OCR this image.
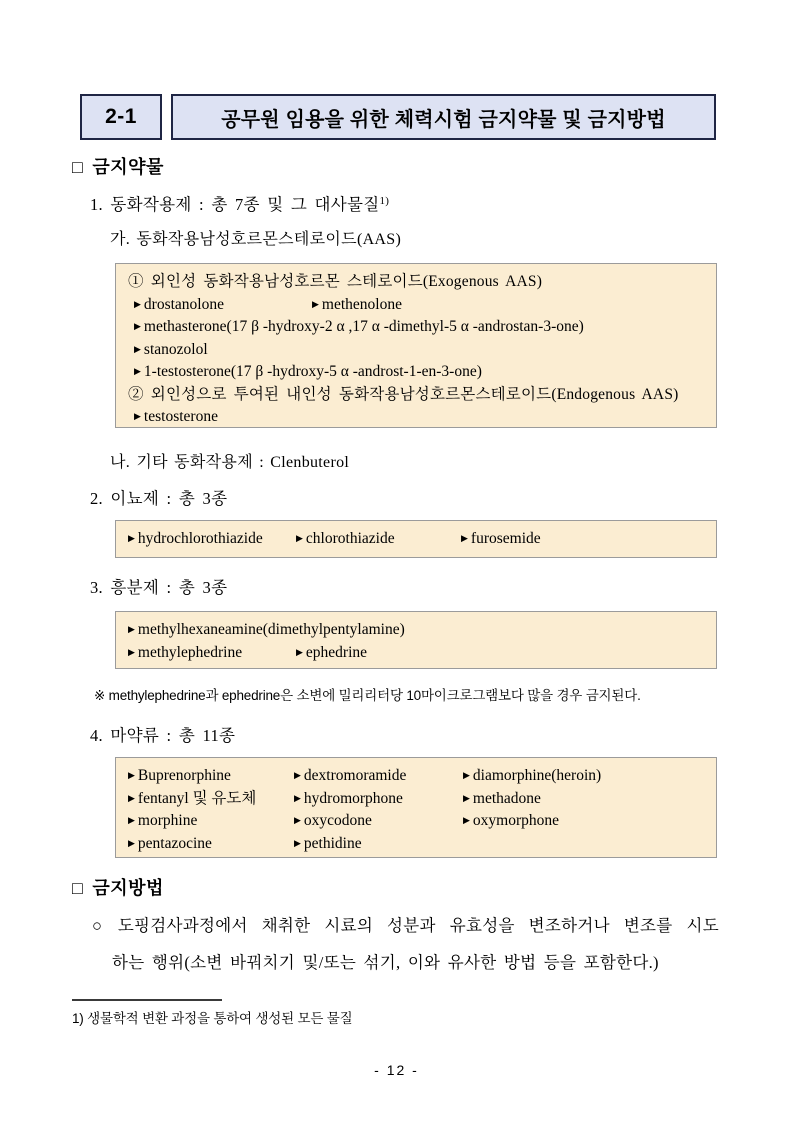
2-1	공무원 임용을 위한 체력시험 금지약물 및 금지방법
□ 금지약물
1. 동화작용제 : 총 7종 및 그 대사물질$^{1)}$
가. 동화작용남성호르몬스테로이드(AAS)
① 외인성 동화작용남성호르몬 스테로이드(Exogenous AAS)
▶ drostanolone	▶ methenolone
▶ methasterone(17 β -hydroxy-2 α ,17 α -dimethyl-5 α -androstan-3-one)
▶ stanozolol
▶ 1-testosterone(17 β -hydroxy-5 α -androst-1-en-3-one)
② 외인성으로 투여된 내인성 동화작용남성호르몬스테로이드(Endogenous AAS)
▶ testosterone
나. 기타 동화작용제 : Clenbuterol
2. 이뇨제 : 총 3종
▶ hydrochlorothiazide	▶ chlorothiazide	▶ furosemide
3. 흥분제 : 총 3종
▶ methylhexaneamine(dimethylpentylamine)
▶ methylephedrine	▶ ephedrine
※ methylephedrine과 ephedrine은 소변에 밀리리터당 10마이크로그램보다 많을 경우 금지된다.
4. 마약류 : 총 11종
▶ Buprenorphine	▶ dextromoramide	▶ diamorphine(heroin)
▶ fentanyl 및 유도체	▶ hydromorphone	▶ methadone
▶ morphine	▶ oxycodone	▶ oxymorphone
▶ pentazocine	▶ pethidine
□ 금지방법
○ 도핑검사과정에서 채취한 시료의 성분과 유효성을 변조하거나 변조를 시도
하는 행위(소변 바꿔치기 및/또는 섞기, 이와 유사한 방법 등을 포함한다.)
1) 생물학적 변환 과정을 통하여 생성된 모든 물질
- 12 -
